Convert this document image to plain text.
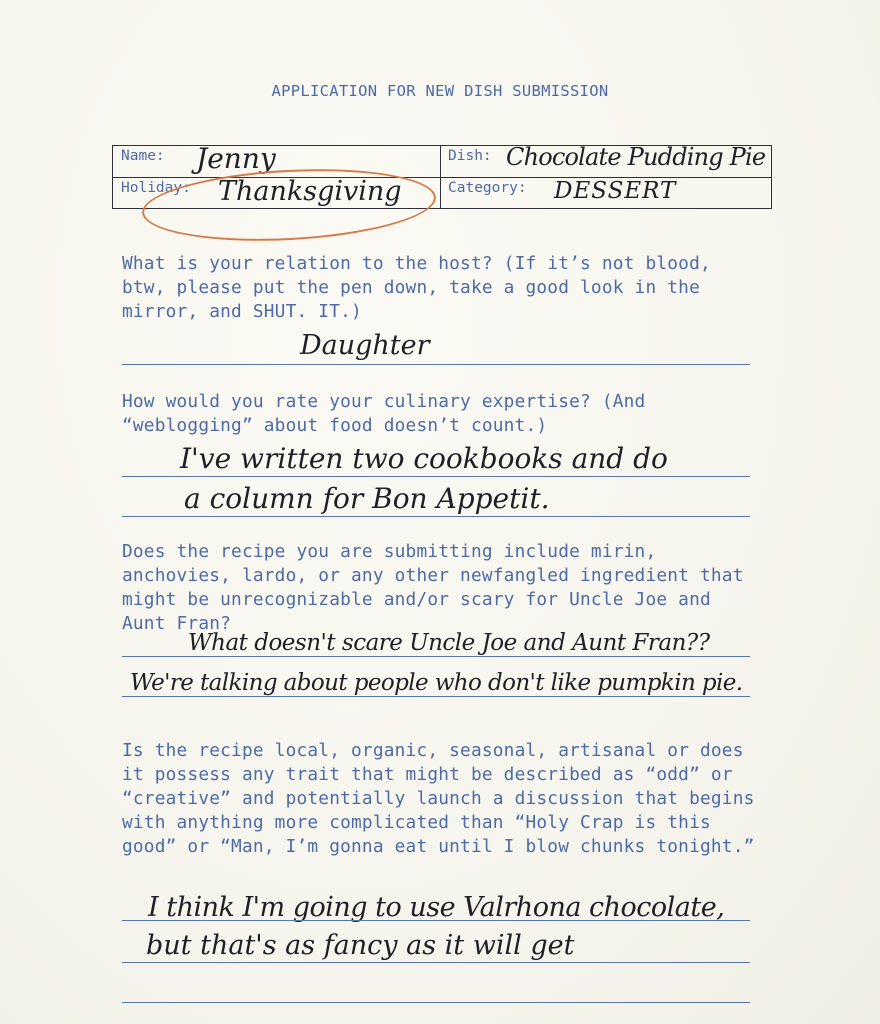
APPLICATION FOR NEW DISH SUBMISSION
Name: Jenny	Dish: Chocolate Pudding Pie
Holiday: Thanksgiving	Category: DESSERT
What is your relation to the host? (If it’s not blood, btw, please put the pen down, take a good look in the mirror, and SHUT. IT.)
Daughter
How would you rate your culinary expertise? (And “weblogging” about food doesn’t count.)
I've written two cookbooks and do
a column for Bon Appetit.
Does the recipe you are submitting include mirin, anchovies, lardo, or any other newfangled ingredient that might be unrecognizable and/or scary for Uncle Joe and Aunt Fran?
What doesn't scare Uncle Joe and Aunt Fran??
We're talking about people who don't like pumpkin pie.
Is the recipe local, organic, seasonal, artisanal or does it possess any trait that might be described as “odd” or “creative” and potentially launch a discussion that begins with anything more complicated than “Holy Crap is this good” or “Man, I’m gonna eat until I blow chunks tonight.”
I think I'm going to use Valrhona chocolate,
but that's as fancy as it will get
